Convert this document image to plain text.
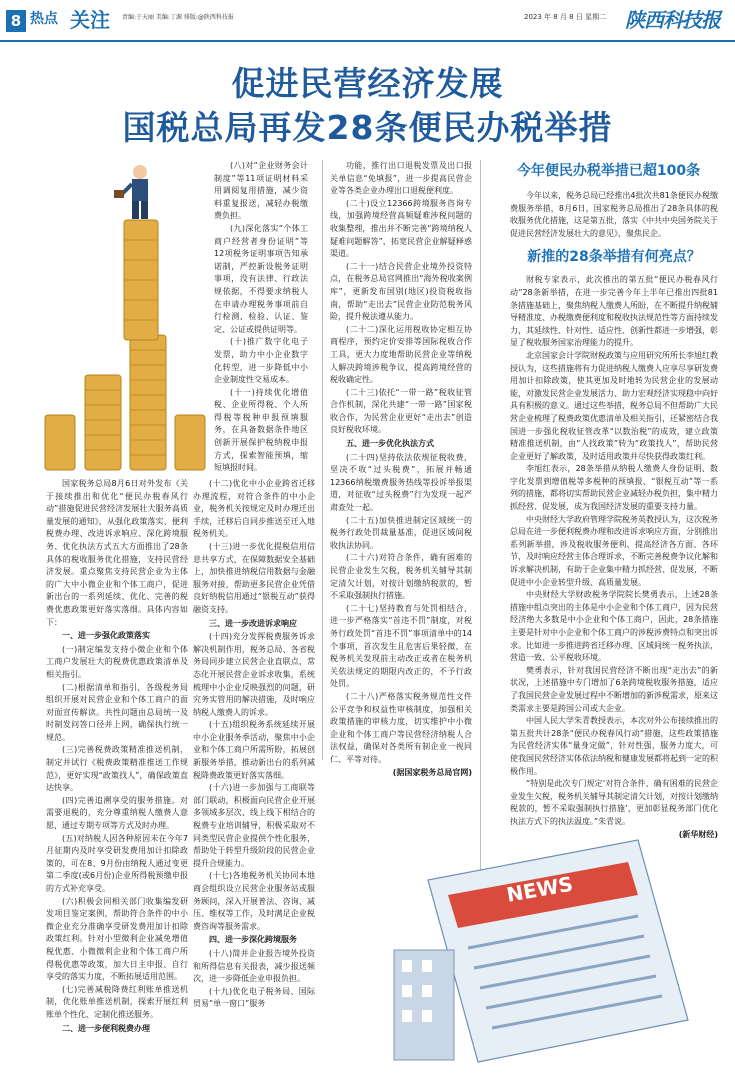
8 热点 关注 责编:于天丽 美编:丁源 排版:@陕西科技报	2023 年 8 月 8 日 星期二 陕西科技报
促进民营经济发展
国税总局再发28条便民办税举措

(八)对“企业财务会计制度”等11项证明材料采用调阅复用措施，减少资料重复报送，减轻办税缴费负担。

(九)深化落实“个体工商户经营者身份证明”等12项税务证明事项告知承诺制，严控新设税务证明事项，没有法律、行政法规依据，不得要求纳税人在申请办理税务事项前自行检测、检验、认证、鉴定、公证或提供证明等。

(十)推广数字化电子发票，助力中小企业数字化转型，进一步降低中小企业制度性交易成本。

(十一)持续优化增值税、企业所得税、个人所得税等税种申报预填服务，在具备数据条件地区创新开展保护税纳税申报方式，探索智能预填，缩短填报时间。

国家税务总局8月6日对外发布《关于接续推出和优化“便民办税春风行动”措施促进民营经济发展壮大服务高质量发展的通知》，从强化政策落实、便利税费办理、改进诉求响应、深化跨境服务、优化执法方式五大方面推出了28条具体的税收服务优化措施，支持民营经济发展。重点聚焦支持民营企业为主体的广大中小微企业和个体工商户，促进新出台的一系列延续、优化、完善的税费优惠政策更好落实落细。具体内容如下：

一、进一步强化政策落实

(一)制定编发支持小微企业和个体工商户发展壮大的税费优惠政策清单及相关指引。

(二)根据清单和指引，各级税务局组织开展对民营企业和个体工商户的面对面宣传解读。共性问题由总局统一及时制发问答口径并上网，确保执行统一规范。

(三)完善税费政策精准推送机制，制定并试行《税费政策精准推送工作规范》，更好实现“政策找人”，确保政策直达快享。

(四)完善追溯享受的服务措施。对需要退税的，充分尊重纳税人缴费人意愿，通过专期专项等方式及时办理。

(五)对纳税人因各种原因未在今年7月征期内及时享受研发费用加计扣除政策的，可在8、9月份由纳税人通过变更第二季度(或6月份)企业所得税预缴申报的方式补充享受。

(六)积极会同相关部门收集编发研发项目鉴定案例，帮助符合条件的中小微企业充分准确享受研发费用加计扣除政策红利。针对小型微利企业减免增值税优惠、小微微利企业和个体工商户所得税优惠等政策，加大日主申报、自行享受的落实力度，不断拓展适用范围。

(七)完善减税降费红利账单推送机制，优化账单推送机制，探索开展红利账单个性化、定制化推送服务。

二、进一步便利税费办理

(十二)优化中小企业跨省迁移办理流程，对符合条件的中小企业，税务机关按规定及时办理迁出手续，迁移后自同步推送至迁入地税务机关。

(十三)进一步优化提税信用信息共享方式，在保障数据安全基础上，加快推进纳税信用数据与金融服务对接，帮助更多民营企业凭借良好纳税信用通过“银税互动”获得融资支持。

三、进一步改进诉求响应

(十四)充分发挥税费服务诉求解决机制作用，税务总局、各省税务局同步建立民营企业直联点，常态化开展民营企业诉求收集，系统梳理中小企业反映强烈的问题，研究务实管用的解决措施，及时响应纳税人缴费人的诉求。

(十五)组织税务系统延续开展中小企业服务季活动，聚焦中小企业和个体工商户所需所盼，拓展创新服务举措，推动新出台的系列减税降费政策更好落实落细。

(十六)进一步加强与工商联等部门联动，积极面向民营企业开展多领域多层次、线上线下相结合的税费专业培训辅导，积极采取对不同类型民营企业提供个性化服务，帮助处于转型升级阶段的民营企业提升合规能力。

(十七)各地税务机关协同本地商会组织设立民营企业服务站或服务顾问，深入开展普法、咨询、减压、维权等工作，及时满足企业税费咨询等服务需求。

四、进一步深化跨境服务

(十八)简并企业报告境外投资和所得信息有关报表，减少报送频次，进一步降低企业申报负担。

(十九)优化电子税务局、国际贸易“单一窗口”服务

功能，推行出口退税发票及出口报关单信息“免填报”，进一步提高民营企业等各类企业办理出口退税便利度。

(二十)设立12366跨境服务咨询专线，加强跨境经营高频疑难涉税问题的收集整理，推出并不断完善“跨境纳税人疑难问题解答”，拓宽民营企业解疑释惑渠道。

(二十一)结合民营企业境外投资特点，在税务总局官网推出“海外税收案例库”，更新发布国别(地区)投资税收指南，帮助“走出去”民营企业防范税务风险，提升税法遵从能力。

(二十二)深化运用税收协定相互协商程序，预约定价安排等国际税收合作工具，更大力度地帮助民营企业等纳税人解决跨境涉税争议，提高跨境经营的税收确定性。

(二十三)依托“一带一路”税收征管合作机制，深化共建“一带一路”国家税收合作，为民营企业更好“走出去”创造良好税收环境。

五、进一步优化执法方式

(二十四)坚持依法依规征税收费，坚决不收“过头税费”，拓展并畅通12366纳税缴费服务热线等投诉举报渠道，对征收“过头税费”行为发现一起严肃查处一起。

(二十五)加快推进制定区域统一的税务行政处罚裁量基准，促进区域间税收执法协同。

(二十六)对符合条件，确有困难的民营企业发生欠税，税务机关辅导其制定清欠计划，对按计划缴纳税款的，暂不采取强制执行措施。

(二十七)坚持教育与处罚相结合，进一步严格落实“首违不罚”制度，对税务行政处罚“首违不罚”事项清单中的14个事项，首次发生且危害后果轻微，在税务机关发现前主动改正或者在税务机关依法规定的期限内改正的，不予行政处罚。

(二十八)严格落实税务规范性文件公平竞争和权益性审核制度，加强相关政策措施的审核力度，切实维护中小微企业和个体工商户等民营经济纳税人合法权益，确保对各类所有制企业一视同仁、平等对待。

(据国家税务总局官网)

今年便民办税举措已超100条

今年以来，税务总局已经推出4批次共81条便民办税缴费服务举措，8月6日，国家税务总局推出了28条具体的税收服务优化措施，这是第五批，落实《中共中央国务院关于促进民营经济发展壮大的意见》，聚焦民企。

新推的28条举措有何亮点？

财税专家表示，此次推出的第五批“便民办税春风行动”28条新举措，在进一步完善今年上半年已推出四批81条措施基础上，聚焦纳税人缴费人所盼，在不断提升纳税辅导精准度、办税缴费便利度和税收执法规范性等方面持续发力，其延续性、针对性、适应性、创新性都进一步增强，彰显了税收服务国家治理能力的提升。

北京国家会计学院财税政策与应用研究所所长李旭红教授认为，这些措施将有力促进纳税人缴费人应享尽享研发费用加计扣除政策，使其更加及时地转为民营企业的发展动能，对激发民营企业发展活力、助力宏观经济实现稳中向好具有积极的意义。通过这些举措，税务总局不但帮助广大民营企业梳理了税费政策优惠清单及相关指引，还紧密结合我国进一步强化税收征管改革“以数治税”的成效，建立政策精准推送机制，由“人找政策”转为“政策找人”，帮助民营企业更好了解政策，及时适用政策并尽快获得政策红利。

李旭红表示，28条举措从纳税人缴费人身份证明、数字化发票到增值税等多税种的预填报、“银税互动”等一系列的措施，都将切实帮助民营企业减轻办税负担，集中精力抓经营、促发展，成为我国经济发展的重要支持力量。

中央财经大学政府管理学院税务英教授认为，这次税务总局在进一步便利税费办理和改进诉求响应方面，分别推出系列新举措，涉及税收服务便利、提高经济各方面、各环节，及时响应经营主体合理诉求，不断完善税费争议化解和诉求解决机制，有助于企业集中精力抓经营、促发展，不断促进中小企业转型升级、高质量发展。

中央财经大学财政税务学院院长樊勇表示，上述28条措施中组点突出的主体是中小企业和个体工商户，因为民营经济绝大多数是中小企业和个体工商户，因此，28条措施主要是针对中小企业和个体工商户的涉税涉费特点和突出诉求。比如进一步推进跨省迁移办理、区域间统一税务执法，营造一致、公平税收环境。

樊勇表示，针对我国民营经济不断出现“走出去”的新状况，上述措施中专门增加了6条跨境税收服务措施，适应了我国民营企业发展过程中不断增加的新涉税需求，原来这类需求主要是跨国公司或大企业。

中国人民大学朱青教授表示，本次对外公布接续推出的第五批共计28条“便民办税春风行动”措施，这些政策措施为民营经济实体“量身定做”，针对性强，服务力度大，可使我国民营经济实体依法纳税和健康发展都将起到一定的积极作用。

“特别是此次专门规定‘对符合条件、确有困难的民营企业发生欠税，税务机关辅导其制定清欠计划，对按计划缴纳税款的，暂不采取强制执行措施’，更加彰显税务部门优化执法方式下的执法温度。”朱青说。

(新华财经)

NEWS
